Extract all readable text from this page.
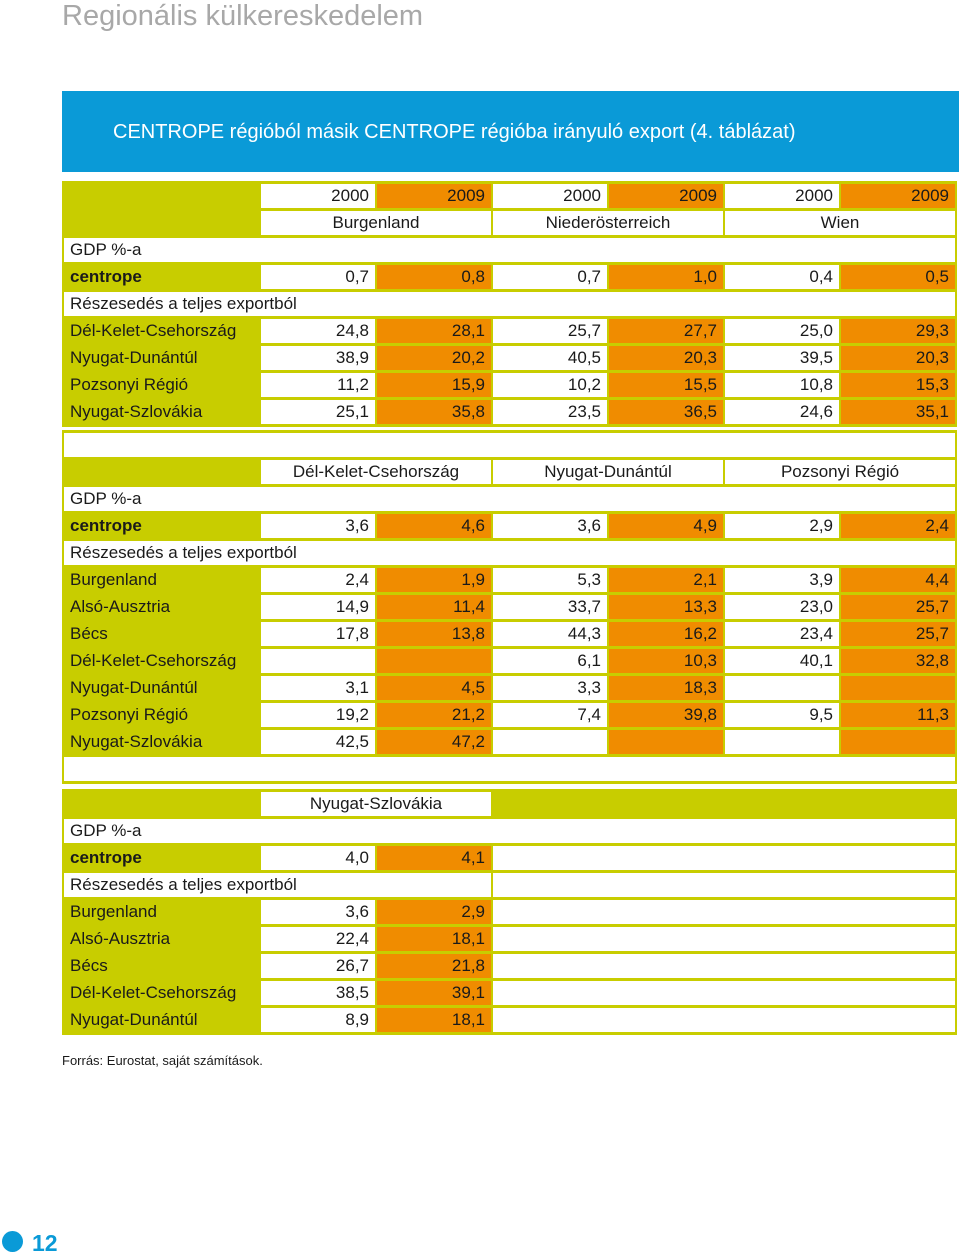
Regionális külkereskedelem
CENTROPE régióból másik CENTROPE régióba irányuló export (4. táblázat)
	2000	2009	2000	2009	2000	2009
	Burgenland		Niederösterreich		Wien	
GDP %-a						
centrope	0,7	0,8	0,7	1,0	0,4	0,5
Részesedés a teljes exportból						
Dél-Kelet-Csehország	24,8	28,1	25,7	27,7	25,0	29,3
Nyugat-Dunántúl	38,9	20,2	40,5	20,3	39,5	20,3
Pozsonyi Régió	11,2	15,9	10,2	15,5	10,8	15,3
Nyugat-Szlovákia	25,1	35,8	23,5	36,5	24,6	35,1

	Dél-Kelet-Csehország		Nyugat-Dunántúl		Pozsonyi Régió	
GDP %-a						
centrope	3,6	4,6	3,6	4,9	2,9	2,4
Részesedés a teljes exportból						
Burgenland	2,4	1,9	5,3	2,1	3,9	4,4
Alsó-Ausztria	14,9	11,4	33,7	13,3	23,0	25,7
Bécs	17,8	13,8	44,3	16,2	23,4	25,7
Dél-Kelet-Csehország			6,1	10,3	40,1	32,8
Nyugat-Dunántúl	3,1	4,5	3,3	18,3		
Pozsonyi Régió	19,2	21,2	7,4	39,8	9,5	11,3
Nyugat-Szlovákia	42,5	47,2				

	Nyugat-Szlovákia		
GDP %-a			
centrope	4,0	4,1	
Részesedés a teljes exportból			
Burgenland	3,6	2,9	
Alsó-Ausztria	22,4	18,1	
Bécs	26,7	21,8	
Dél-Kelet-Csehország	38,5	39,1	
Nyugat-Dunántúl	8,9	18,1	
Forrás: Eurostat, saját számítások.
12
